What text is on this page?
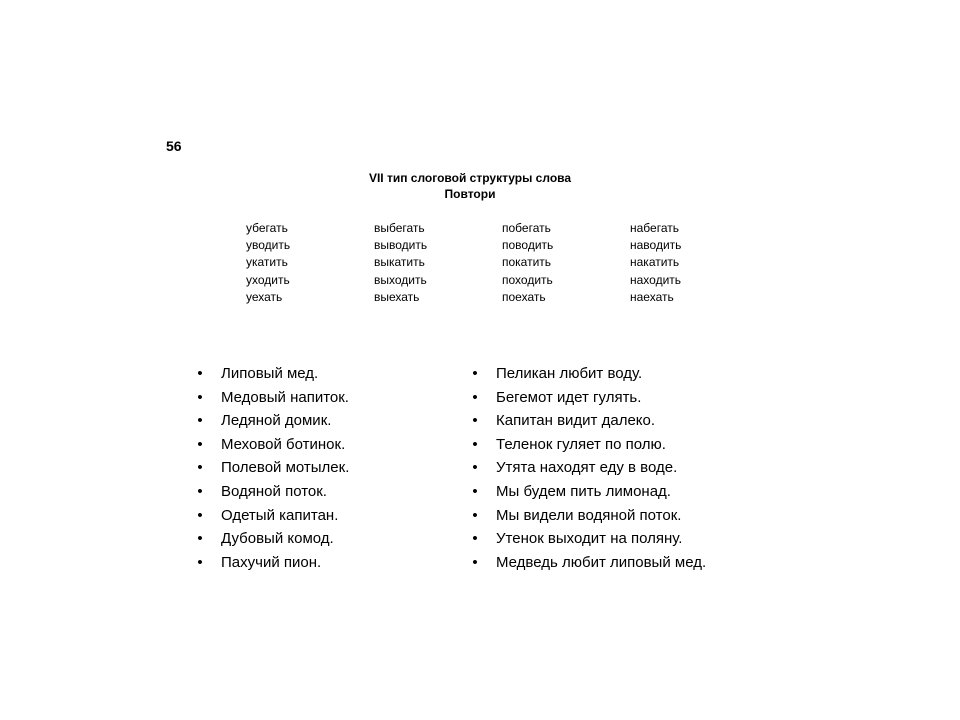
56
VII тип слоговой структуры слова
Повтори
убегать
уводить
укатить
уходить
уехать
выбегать
выводить
выкатить
выходить
выехать
побегать
поводить
покатить
походить
поехать
набегать
наводить
накатить
находить
наехать
• Липовый мед.
• Медовый напиток.
• Ледяной домик.
• Меховой ботинок.
• Полевой мотылек.
• Водяной поток.
• Одетый капитан.
• Дубовый комод.
• Пахучий пион.
• Пеликан любит воду.
• Бегемот идет гулять.
• Капитан видит далеко.
• Теленок гуляет по полю.
• Утята находят еду в воде.
• Мы будем пить лимонад.
• Мы видели водяной поток.
• Утенок выходит на поляну.
• Медведь любит липовый мед.
